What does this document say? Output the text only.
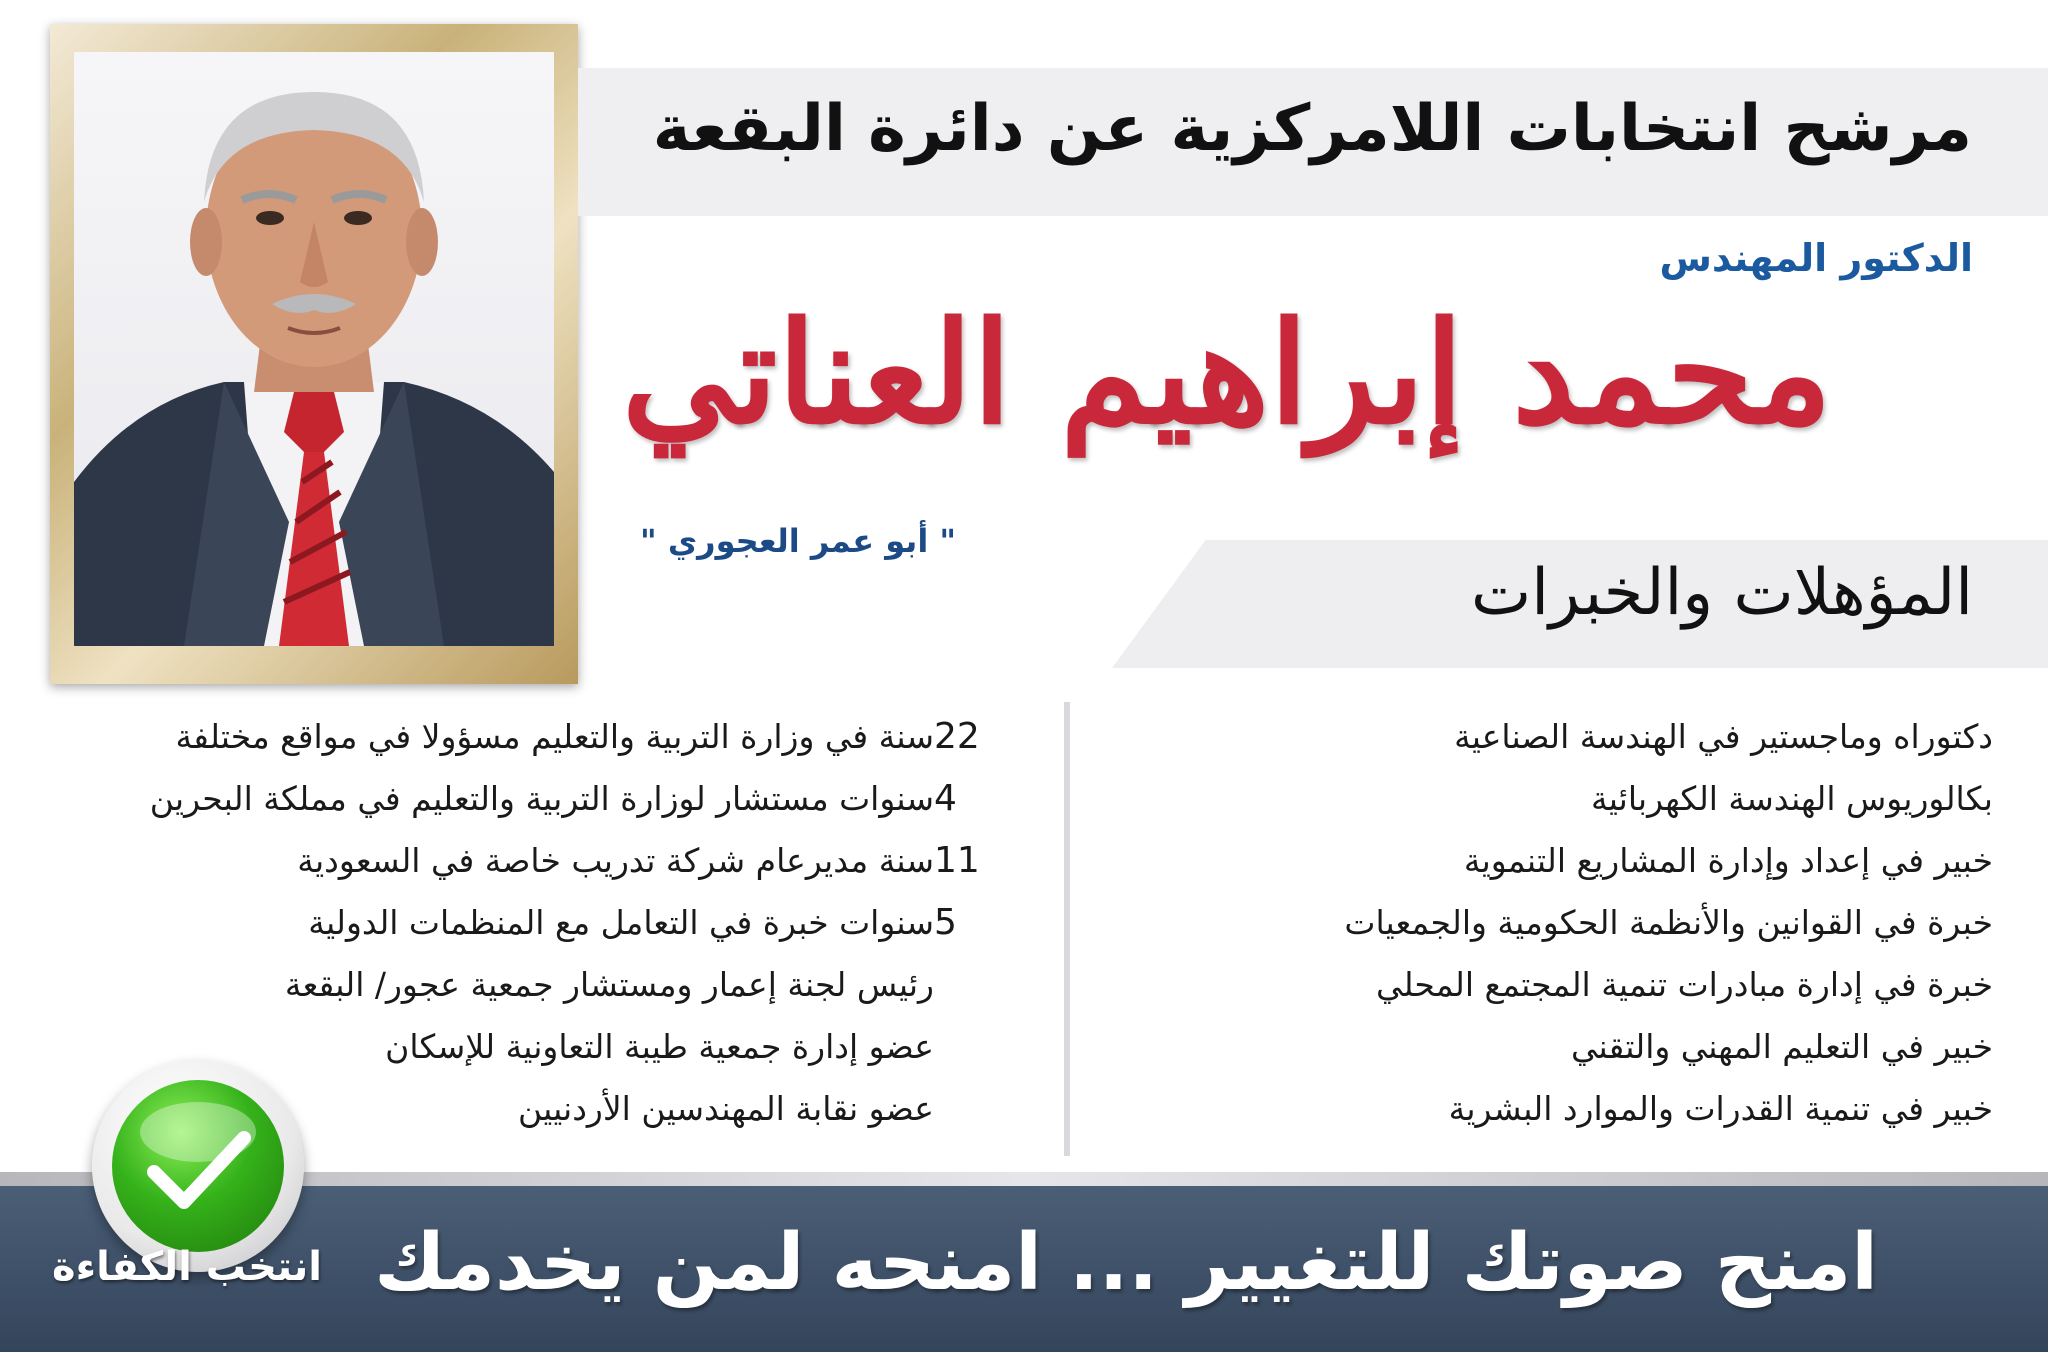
مرشح انتخابات اللامركزية عن دائرة البقعة
الدكتور المهندس
محمد إبراهيم العناتي
" أبو عمر العجوري "
المؤهلات والخبرات
دكتوراه وماجستير في الهندسة الصناعية
بكالوريوس الهندسة الكهربائية
خبير في إعداد وإدارة المشاريع التنموية
خبرة في القوانين والأنظمة الحكومية والجمعيات
خبرة في إدارة مبادرات تنمية المجتمع المحلي
خبير في التعليم المهني والتقني
خبير في تنمية القدرات والموارد البشرية
22سنة في وزارة التربية والتعليم مسؤولا في مواقع مختلفة
4سنوات مستشار لوزارة التربية والتعليم في مملكة البحرين
11سنة مديرعام شركة تدريب خاصة في السعودية
5سنوات خبرة في التعامل مع المنظمات الدولية
رئيس لجنة إعمار ومستشار جمعية عجور/ البقعة
عضو إدارة جمعية طيبة التعاونية للإسكان
عضو نقابة المهندسين الأردنيين
امنح صوتك للتغيير ... امنحه لمن يخدمك
انتخب الكفاءة
